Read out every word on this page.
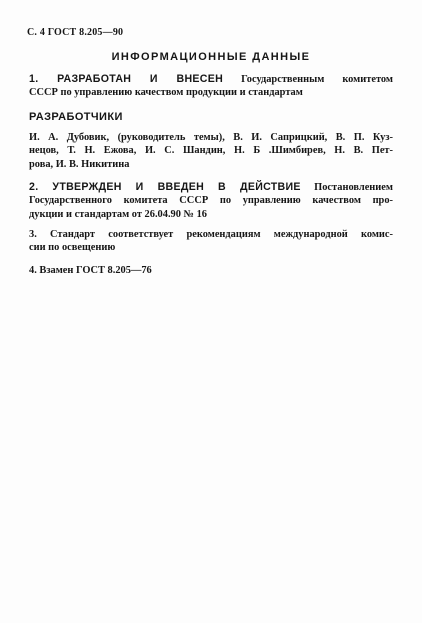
С. 4 ГОСТ 8.205—90
ИНФОРМАЦИОННЫЕ ДАННЫЕ
1. РАЗРАБОТАН И ВНЕСЕН Государственным комитетом
СССР по управлению качеством продукции и стандартам
РАЗРАБОТЧИКИ
И. А. Дубовик, (руководитель темы), В. И. Саприцкий, В. П. Куз-
нецов, Т. Н. Ежова, И. С. Шандин, Н. Б .Шимбирев, Н. В. Пет-
рова, И. В. Никитина
2. УТВЕРЖДЕН И ВВЕДЕН В ДЕЙСТВИЕ Постановлением
Государственного комитета СССР по управлению качеством про-
дукции и стандартам от 26.04.90 № 16
3. Стандарт соответствует рекомендациям международной комис-
сии по освещению
4. Взамен ГОСТ 8.205—76
